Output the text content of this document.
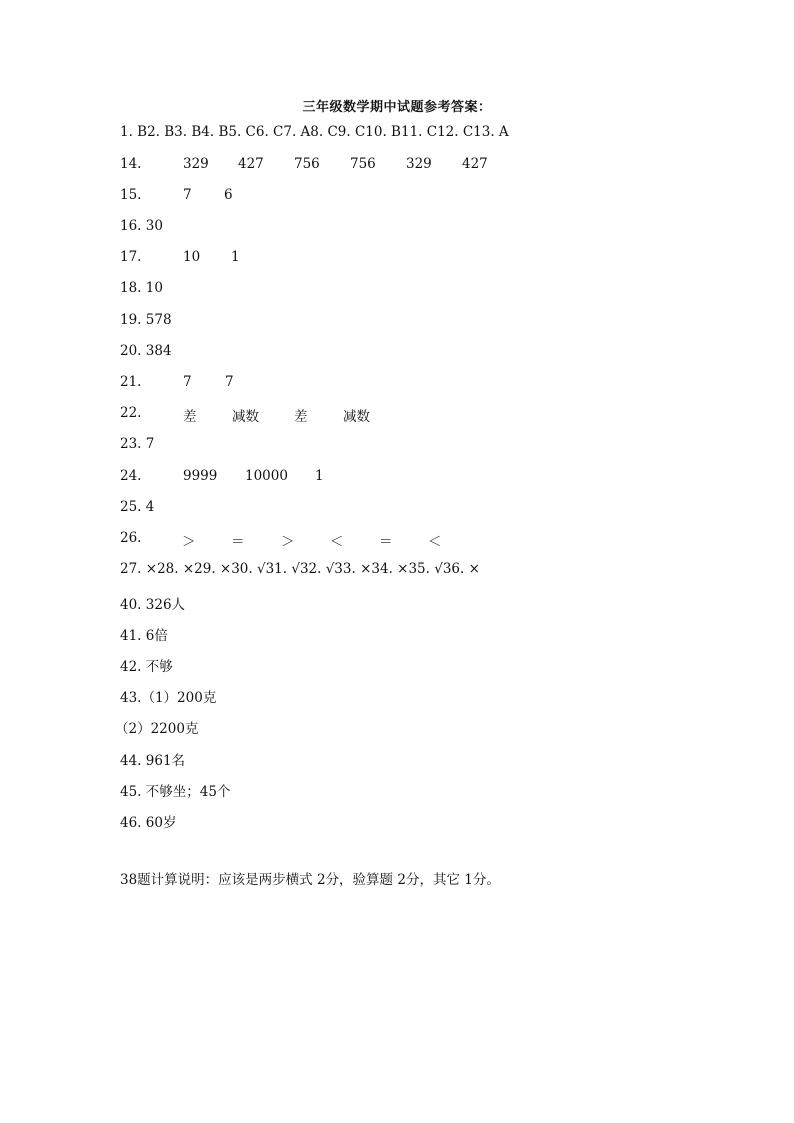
三年级数学期中试题参考答案：
1. B2. B3. B4. B5. C6. C7. A8. C9. C10. B11. C12. C13. A
14.	329 427 756 756 329 427
15.	7 6
16. 30
17.	10 1
18. 10
19. 578
20. 384
21.	7 7
22.	差	减数	差	减数
23. 7
24.	9999 10000 1
25. 4
26.	＞	＝	＞	＜	＝	＜
27. ×28. ×29. ×30. √31. √32. √33. ×34. ×35. √36. ×
40. 326人
41. 6倍
42. 不够
43.（1）200克
（2）2200克
44. 961名
45. 不够坐；45个
46. 60岁
38题计算说明：应该是两步横式 2分，验算题 2分，其它 1分。
